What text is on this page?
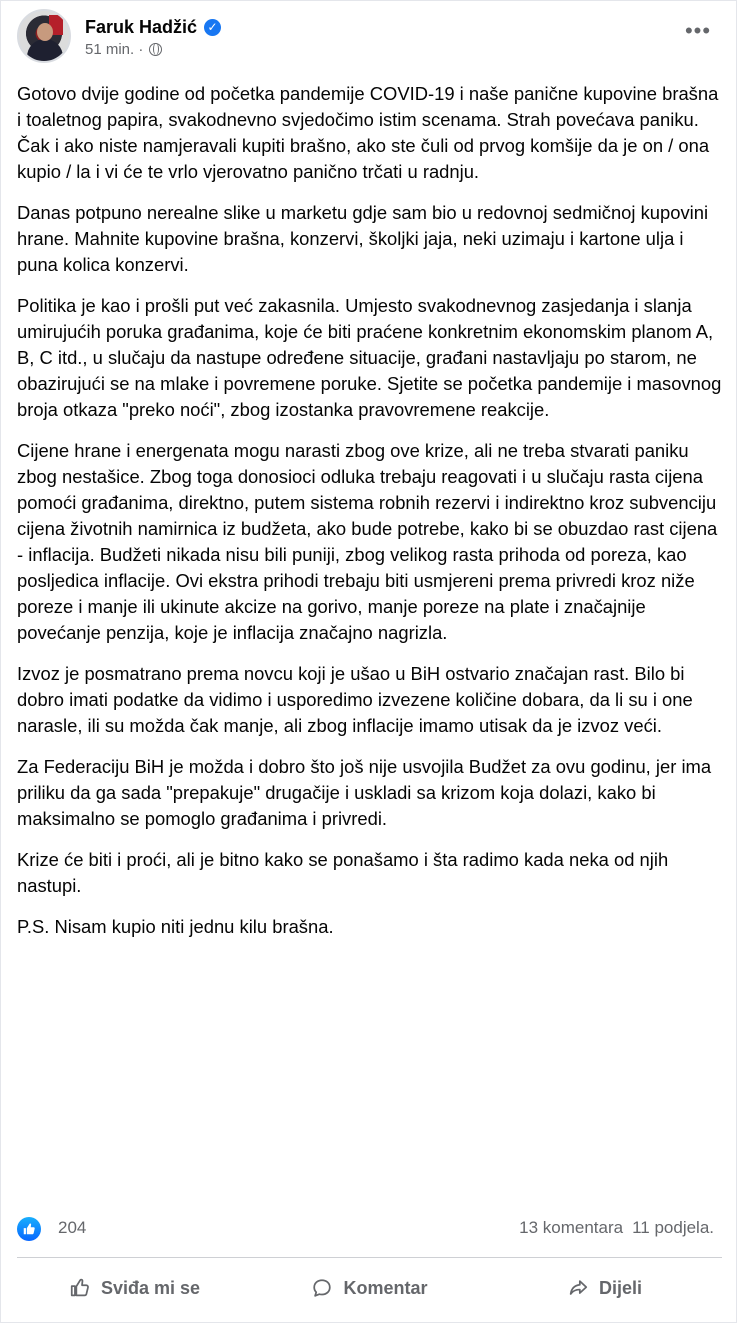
Faruk Hadžić ✓
51 min. ·
•••

Gotovo dvije godine od početka pandemije COVID-19 i naše panične kupovine brašna i toaletnog papira, svakodnevno svjedočimo istim scenama. Strah povećava paniku. Čak i ako niste namjeravali kupiti brašno, ako ste čuli od prvog komšije da je on / ona kupio / la i vi će te vrlo vjerovatno panično trčati u radnju.

Danas potpuno nerealne slike u marketu gdje sam bio u redovnoj sedmičnoj kupovini hrane. Mahnite kupovine brašna, konzervi, školjki jaja, neki uzimaju i kartone ulja i puna kolica konzervi.

Politika je kao i prošli put već zakasnila. Umjesto svakodnevnog zasjedanja i slanja umirujućih poruka građanima, koje će biti praćene konkretnim ekonomskim planom A, B, C itd., u slučaju da nastupe određene situacije, građani nastavljaju po starom, ne obazirujući se na mlake i povremene poruke. Sjetite se početka pandemije i masovnog broja otkaza "preko noći", zbog izostanka pravovremene reakcije.

Cijene hrane i energenata mogu narasti zbog ove krize, ali ne treba stvarati paniku zbog nestašice. Zbog toga donosioci odluka trebaju reagovati i u slučaju rasta cijena pomoći građanima, direktno, putem sistema robnih rezervi i indirektno kroz subvenciju cijena životnih namirnica iz budžeta, ako bude potrebe, kako bi se obuzdao rast cijena - inflacija. Budžeti nikada nisu bili puniji, zbog velikog rasta prihoda od poreza, kao posljedica inflacije. Ovi ekstra prihodi trebaju biti usmjereni prema privredi kroz niže poreze i manje ili ukinute akcize na gorivo, manje poreze na plate i značajnije povećanje penzija, koje je inflacija značajno nagrizla.

Izvoz je posmatrano prema novcu koji je ušao u BiH ostvario značajan rast. Bilo bi dobro imati podatke da vidimo i usporedimo izvezene količine dobara, da li su i one narasle, ili su možda čak manje, ali zbog inflacije imamo utisak da je izvoz veći.

Za Federaciju BiH je možda i dobro što još nije usvojila Budžet za ovu godinu, jer ima priliku da ga sada "prepakuje" drugačije i uskladi sa krizom koja dolazi, kako bi maksimalno se pomoglo građanima i privredi.

Krize će biti i proći, ali je bitno kako se ponašamo i šta radimo kada neka od njih nastupi.

P.S. Nisam kupio niti jednu kilu brašna.

204	13 komentara 11 podjela.
Sviđa mi se	Komentar	Dijeli
